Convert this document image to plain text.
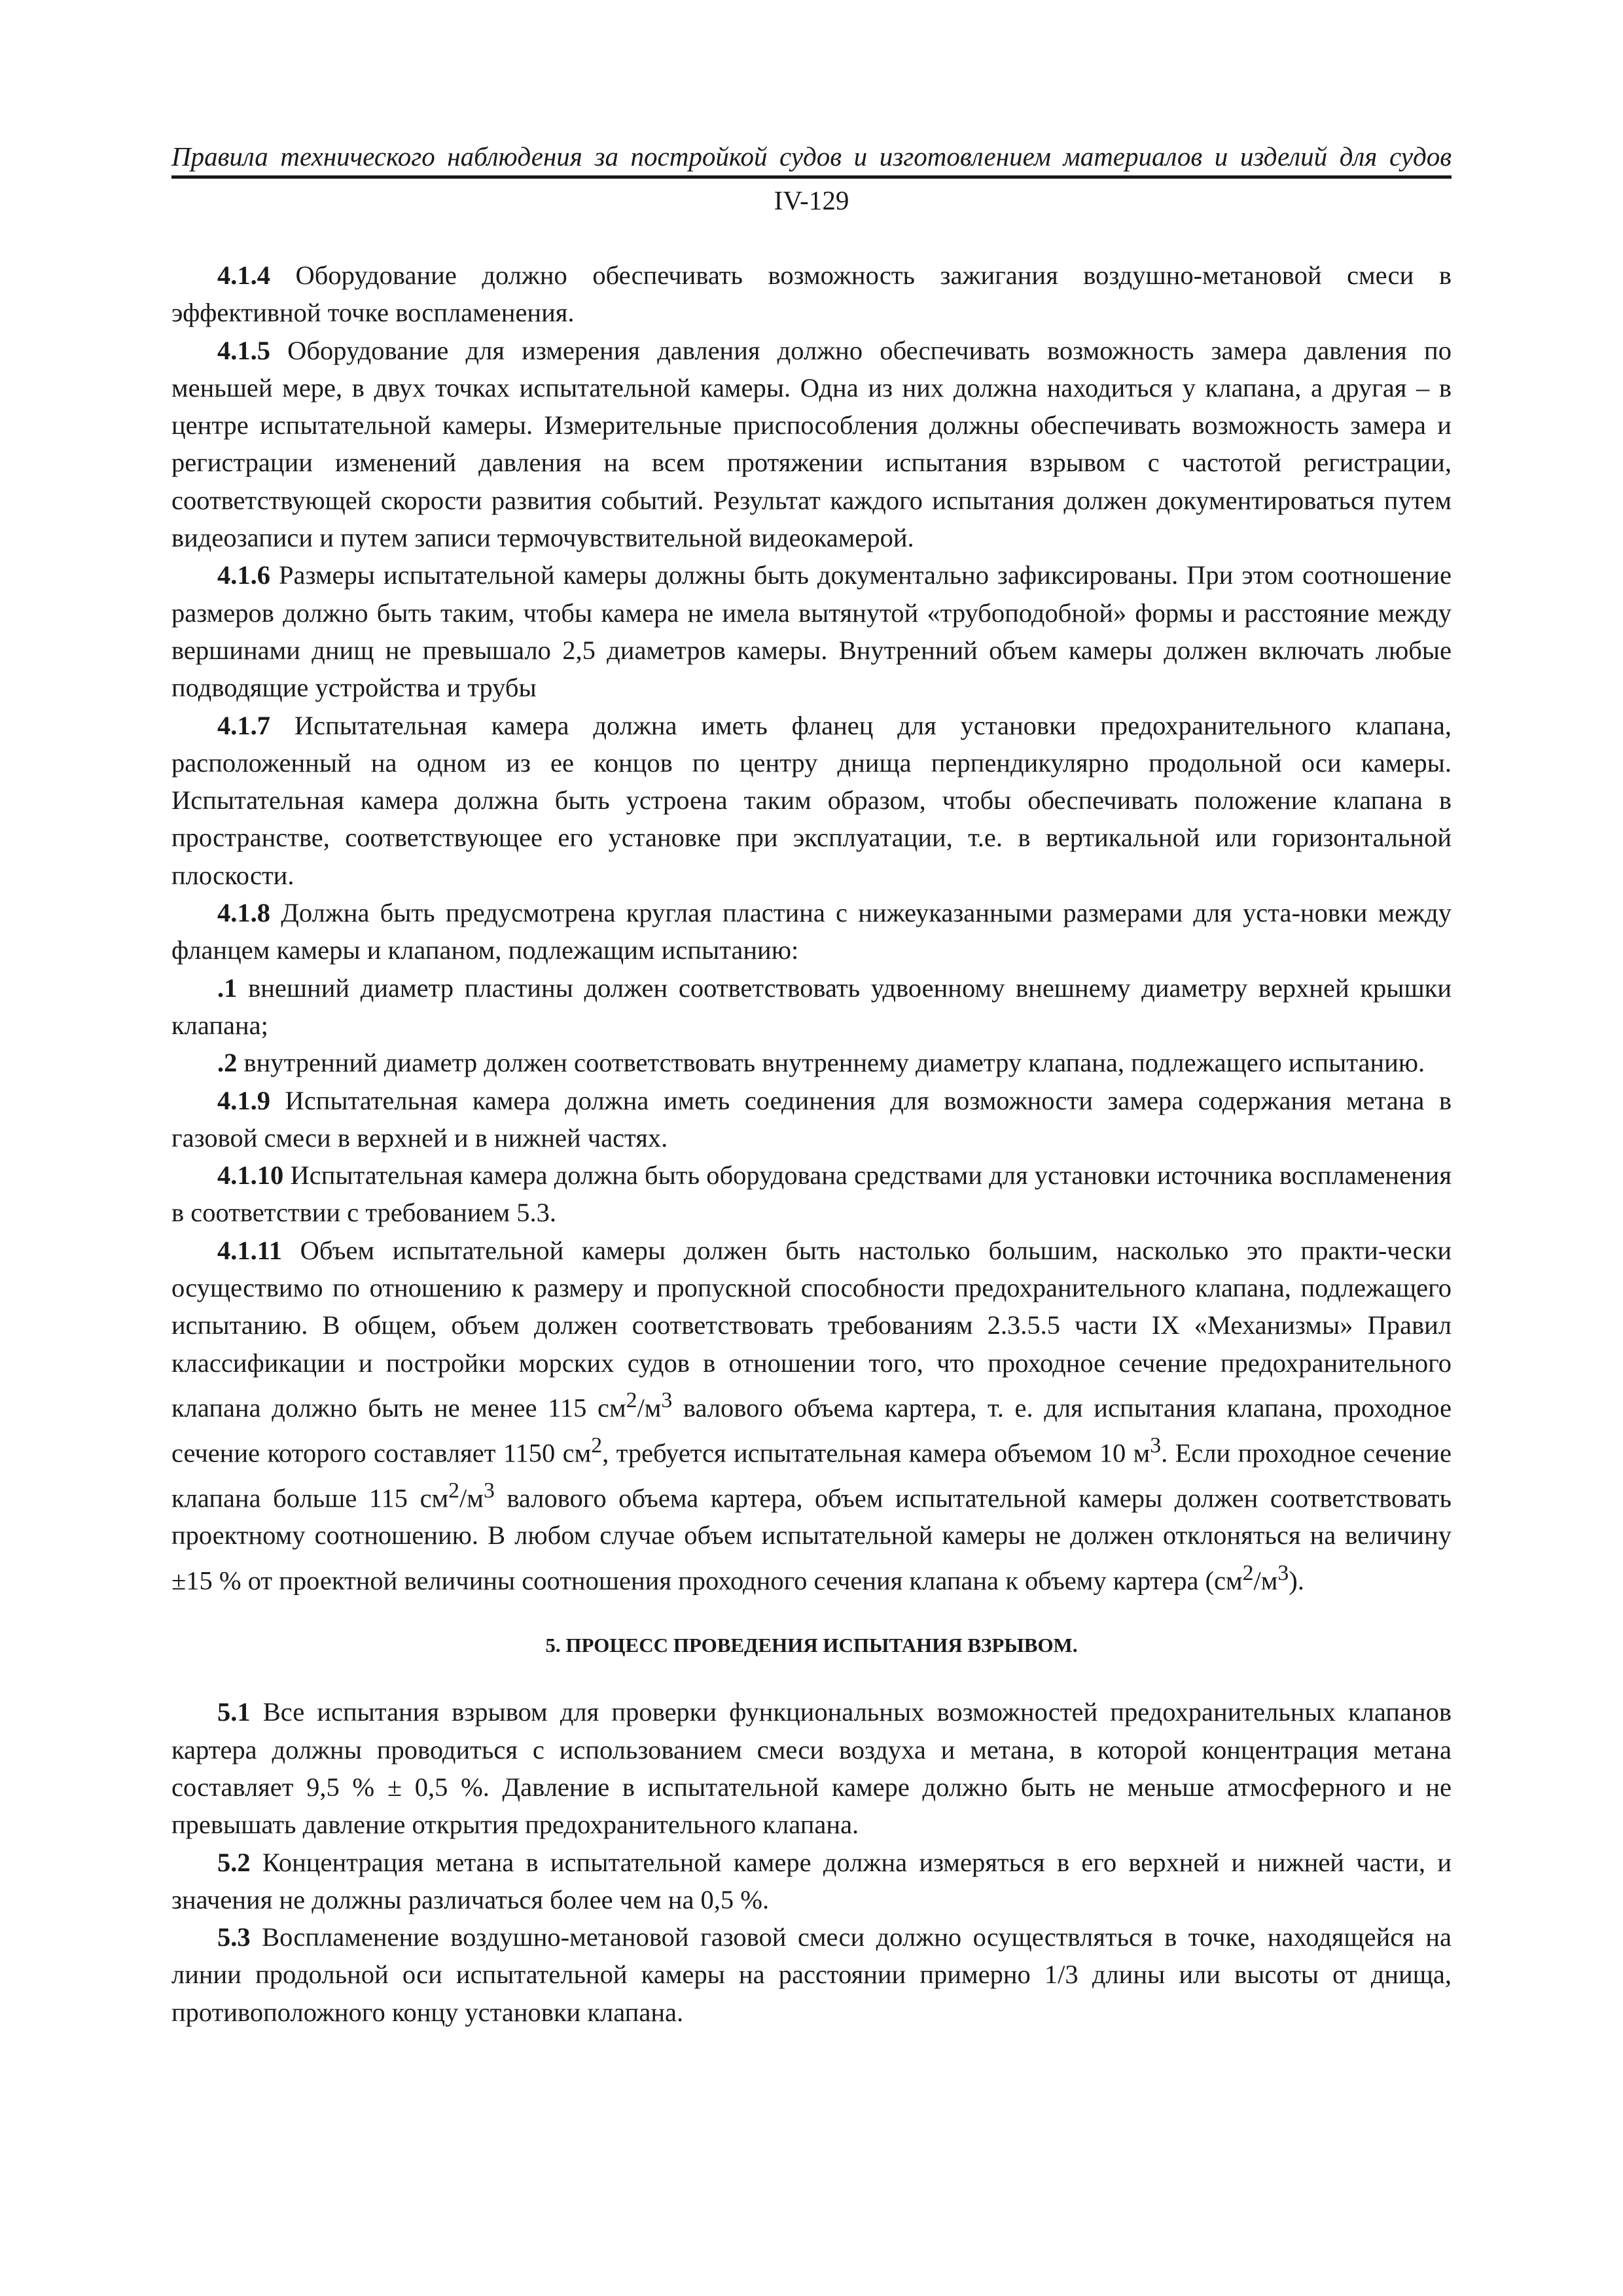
Правила технического наблюдения за постройкой судов и изготовлением материалов и изделий для судов
IV-129

4.1.4 Оборудование должно обеспечивать возможность зажигания воздушно-метановой смеси в эффективной точке воспламенения.

4.1.5 Оборудование для измерения давления должно обеспечивать возможность замера давления по меньшей мере, в двух точках испытательной камеры. Одна из них должна находиться у клапана, а другая – в центре испытательной камеры. Измерительные приспособления должны обеспечивать возможность замера и регистрации изменений давления на всем протяжении испытания взрывом с частотой регистрации, соответствующей скорости развития событий. Результат каждого испытания должен документироваться путем видеозаписи и путем записи термочувствительной видеокамерой.

4.1.6 Размеры испытательной камеры должны быть документально зафиксированы. При этом соотношение размеров должно быть таким, чтобы камера не имела вытянутой «трубоподобной» формы и расстояние между вершинами днищ не превышало 2,5 диаметров камеры. Внутренний объем камеры должен включать любые подводящие устройства и трубы

4.1.7 Испытательная камера должна иметь фланец для установки предохранительного клапана, расположенный на одном из ее концов по центру днища перпендикулярно продольной оси камеры. Испытательная камера должна быть устроена таким образом, чтобы обеспечивать положение клапана в пространстве, соответствующее его установке при эксплуатации, т.е. в вертикальной или горизонтальной плоскости.

4.1.8 Должна быть предусмотрена круглая пластина с нижеуказанными размерами для уста-новки между фланцем камеры и клапаном, подлежащим испытанию:

.1 внешний диаметр пластины должен соответствовать удвоенному внешнему диаметру верхней крышки клапана;

.2 внутренний диаметр должен соответствовать внутреннему диаметру клапана, подлежащего испытанию.

4.1.9 Испытательная камера должна иметь соединения для возможности замера содержания метана в газовой смеси в верхней и в нижней частях.

4.1.10 Испытательная камера должна быть оборудована средствами для установки источника воспламенения в соответствии с требованием 5.3.

4.1.11 Объем испытательной камеры должен быть настолько большим, насколько это практи-чески осуществимо по отношению к размеру и пропускной способности предохранительного клапана, подлежащего испытанию. В общем, объем должен соответствовать требованиям 2.3.5.5 части IX «Механизмы» Правил классификации и постройки морских судов в отношении того, что проходное сечение предохранительного клапана должно быть не менее 115 $см^2/м^3$ валового объема картера, т. е. для испытания клапана, проходное сечение которого составляет 1150 $см^2$, требуется испытательная камера объемом 10 $м^3$. Если проходное сечение клапана больше 115 $см^2/м^3$ валового объема картера, объем испытательной камеры должен соответствовать проектному соотношению. В любом случае объем испытательной камеры не должен отклоняться на величину ±15 % от проектной величины соотношения проходного сечения клапана к объему картера $(см^2/м^3)$.

5. ПРОЦЕСС ПРОВЕДЕНИЯ ИСПЫТАНИЯ ВЗРЫВОМ.

5.1 Все испытания взрывом для проверки функциональных возможностей предохранительных клапанов картера должны проводиться с использованием смеси воздуха и метана, в которой концентрация метана составляет 9,5 % ± 0,5 %. Давление в испытательной камере должно быть не меньше атмосферного и не превышать давление открытия предохранительного клапана.

5.2 Концентрация метана в испытательной камере должна измеряться в его верхней и нижней части, и значения не должны различаться более чем на 0,5 %.

5.3 Воспламенение воздушно-метановой газовой смеси должно осуществляться в точке, находящейся на линии продольной оси испытательной камеры на расстоянии примерно 1/3 длины или высоты от днища, противоположного концу установки клапана.
